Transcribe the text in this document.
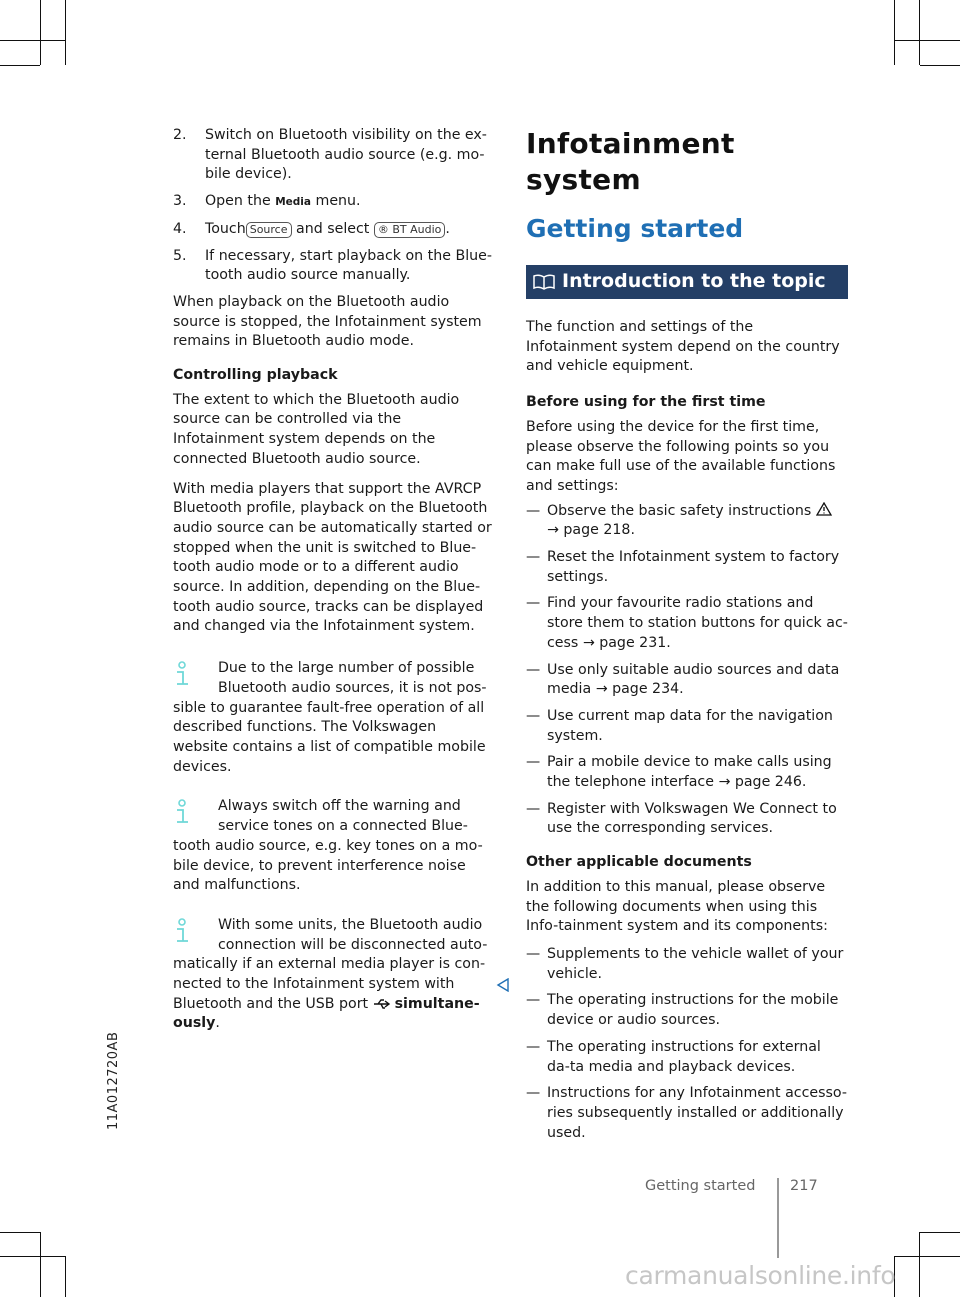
11A012720AB
2. Switch on Bluetooth visibility on the ex-ternal Bluetooth audio source (e.g. mo-bile device).
3. Open the Media menu.
4. Touch Source and select ® BT Audio .
5. If necessary, start playback on the Blue-tooth audio source manually.

When playback on the Bluetooth audio source is stopped, the Infotainment system remains in Bluetooth audio mode.

Controlling playback

The extent to which the Bluetooth audio source can be controlled via the Infotainment system depends on the connected Bluetooth audio source.

With media players that support the AVRCP Bluetooth profile, playback on the Bluetooth audio source can be automatically started or stopped when the unit is switched to Blue-tooth audio mode or to a different audio source. In addition, depending on the Blue-tooth audio source, tracks can be displayed and changed via the Infotainment system.

Due to the large number of possible Bluetooth audio sources, it is not pos-
sible to guarantee fault-free operation of all described functions. The Volkswagen website contains a list of compatible mobile devices.
Always switch off the warning and service tones on a connected Blue-
tooth audio source, e.g. key tones on a mo-bile device, to prevent interference noise and malfunctions.
With some units, the Bluetooth audio connection will be disconnected auto-
matically if an external media player is con-nected to the Infotainment system with Bluetooth and the USB port simultane-ously.
Infotainment system
Getting started
Introduction to the topic

The function and settings of the Infotainment system depend on the country and vehicle equipment.

Before using for the first time

Before using the device for the first time, please observe the following points so you can make full use of the available functions and settings:

— Observe the basic safety instructions
→ page 218.
— Reset the Infotainment system to factory settings.
— Find your favourite radio stations and store them to station buttons for quick ac-cess → page 231.
— Use only suitable audio sources and data media → page 234.
— Use current map data for the navigation system.
— Pair a mobile device to make calls using the telephone interface → page 246.
— Register with Volkswagen We Connect to use the corresponding services.
Other applicable documents

In addition to this manual, please observe the following documents when using this Info-tainment system and its components:

— Supplements to the vehicle wallet of your vehicle.
— The operating instructions for the mobile device or audio sources.
— The operating instructions for external da-ta media and playback devices.
— Instructions for any Infotainment accesso-ries subsequently installed or additionally used.
Getting started 217
carmanualsonline.info
